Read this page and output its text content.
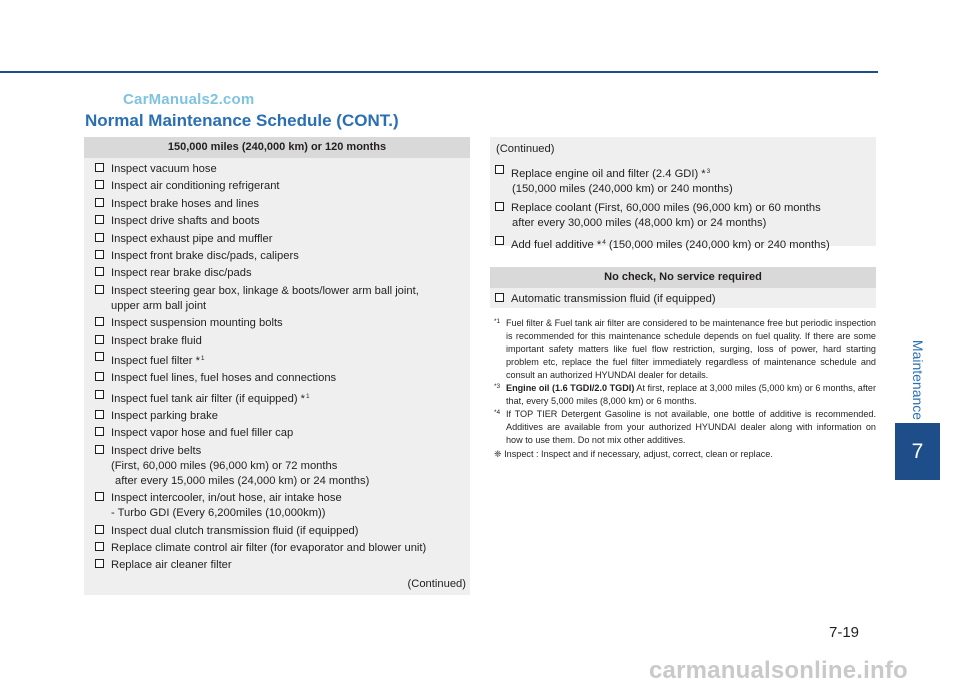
CarManuals2.com
Normal Maintenance Schedule (CONT.)
150,000 miles (240,000 km) or 120 months
Inspect vacuum hose
Inspect air conditioning refrigerant
Inspect brake hoses and lines
Inspect drive shafts and boots
Inspect exhaust pipe and muffler
Inspect front brake disc/pads, calipers
Inspect rear brake disc/pads
Inspect steering gear box, linkage & boots/lower arm ball joint,
upper arm ball joint
Inspect suspension mounting bolts
Inspect brake fluid
Inspect fuel filter *$^1$
Inspect fuel lines, fuel hoses and connections
Inspect fuel tank air filter (if equipped) *$^1$
Inspect parking brake
Inspect vapor hose and fuel filler cap
Inspect drive belts
(First, 60,000 miles (96,000 km) or 72 months
after every 15,000 miles (24,000 km) or 24 months)
Inspect intercooler, in/out hose, air intake hose
- Turbo GDI (Every 6,200miles (10,000km))
Inspect dual clutch transmission fluid (if equipped)
Replace climate control air filter (for evaporator and blower unit)
Replace air cleaner filter
(Continued)
(Continued)
Replace engine oil and filter (2.4 GDI) *$^3$
(150,000 miles (240,000 km) or 240 months)
Replace coolant (First, 60,000 miles (96,000 km) or 60 months
after every 30,000 miles (48,000 km) or 24 months)
Add fuel additive *$^4$ (150,000 miles (240,000 km) or 240 months)
No check, No service required
Automatic transmission fluid (if equipped)
*1 Fuel filter & Fuel tank air filter are considered to be maintenance free but periodic inspection is recommended for this maintenance schedule depends on fuel quality. If there are some important safety matters like fuel flow restriction, surging, loss of power, hard starting problem etc, replace the fuel filter immediately regardless of maintenance schedule and consult an authorized HYUNDAI dealer for details.
*3 Engine oil (1.6 TGDI/2.0 TGDI) At first, replace at 3,000 miles (5,000 km) or 6 months, after that, every 5,000 miles (8,000 km) or 6 months.
*4 If TOP TIER Detergent Gasoline is not available, one bottle of additive is recommended. Additives are available from your authorized HYUNDAI dealer along with information on how to use them. Do not mix other additives.
❈ Inspect : Inspect and if necessary, adjust, correct, clean or replace.
Maintenance
7
7-19
carmanualsonline.info
